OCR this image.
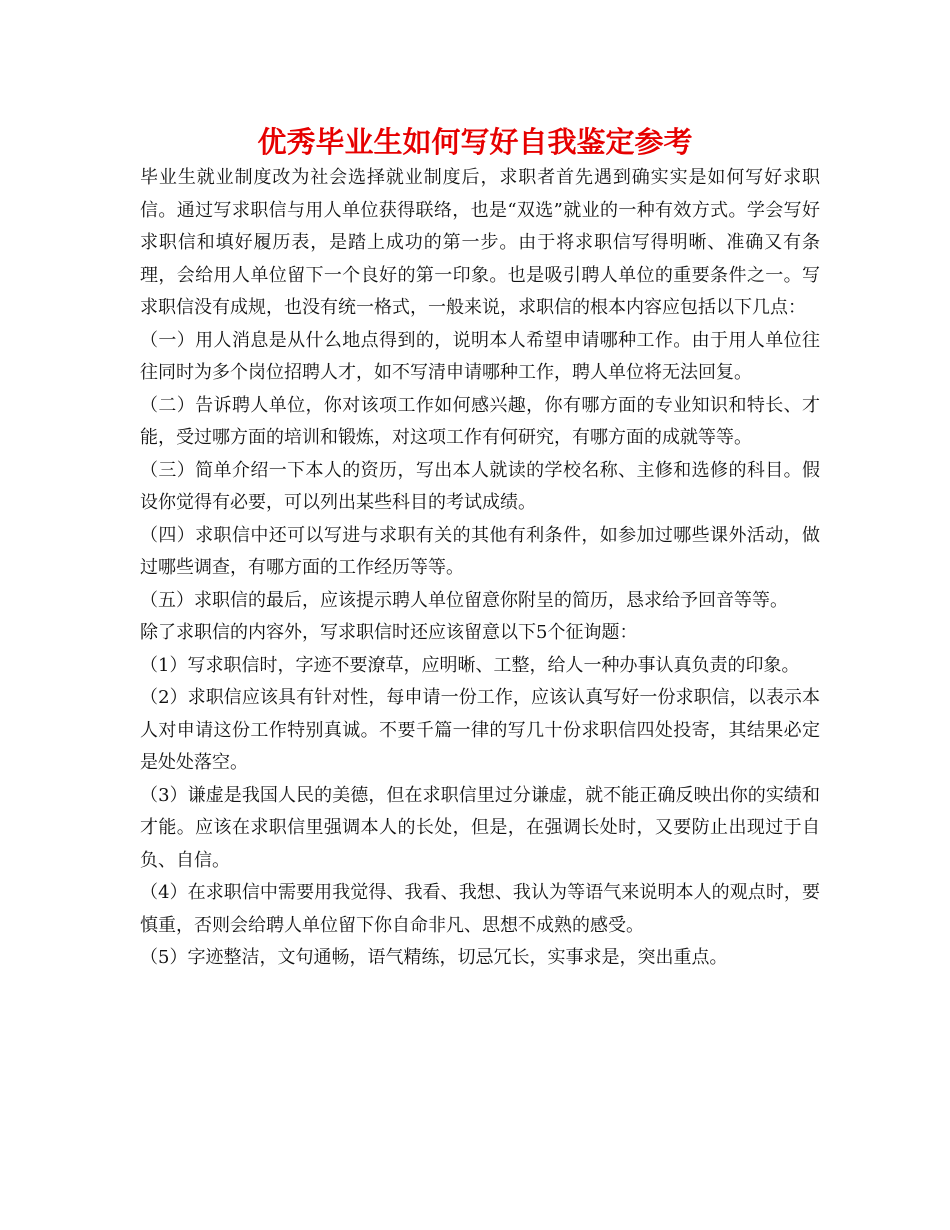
优秀毕业生如何写好自我鉴定参考

毕业生就业制度改为社会选择就业制度后，求职者首先遇到确实实是如何写好求职信。通过写求职信与用人单位获得联络，也是“双选”就业的一种有效方式。学会写好求职信和填好履历表，是踏上成功的第一步。由于将求职信写得明晰、准确又有条理，会给用人单位留下一个良好的第一印象。也是吸引聘人单位的重要条件之一。写求职信没有成规，也没有统一格式，一般来说，求职信的根本内容应包括以下几点：

（一）用人消息是从什么地点得到的，说明本人希望申请哪种工作。由于用人单位往往同时为多个岗位招聘人才，如不写清申请哪种工作，聘人单位将无法回复。

（二）告诉聘人单位，你对该项工作如何感兴趣，你有哪方面的专业知识和特长、才能，受过哪方面的培训和锻炼，对这项工作有何研究，有哪方面的成就等等。

（三）简单介绍一下本人的资历，写出本人就读的学校名称、主修和选修的科目。假设你觉得有必要，可以列出某些科目的考试成绩。

（四）求职信中还可以写进与求职有关的其他有利条件，如参加过哪些课外活动，做过哪些调查，有哪方面的工作经历等等。

（五）求职信的最后，应该提示聘人单位留意你附呈的简历，恳求给予回音等等。

除了求职信的内容外，写求职信时还应该留意以下5个征询题：

（1）写求职信时，字迹不要潦草，应明晰、工整，给人一种办事认真负责的印象。

（2）求职信应该具有针对性，每申请一份工作，应该认真写好一份求职信，以表示本人对申请这份工作特别真诚。不要千篇一律的写几十份求职信四处投寄，其结果必定是处处落空。

（3）谦虚是我国人民的美德，但在求职信里过分谦虚，就不能正确反映出你的实绩和才能。应该在求职信里强调本人的长处，但是，在强调长处时，又要防止出现过于自负、自信。

（4）在求职信中需要用我觉得、我看、我想、我认为等语气来说明本人的观点时，要慎重，否则会给聘人单位留下你自命非凡、思想不成熟的感受。

（5）字迹整洁，文句通畅，语气精练，切忌冗长，实事求是，突出重点。
